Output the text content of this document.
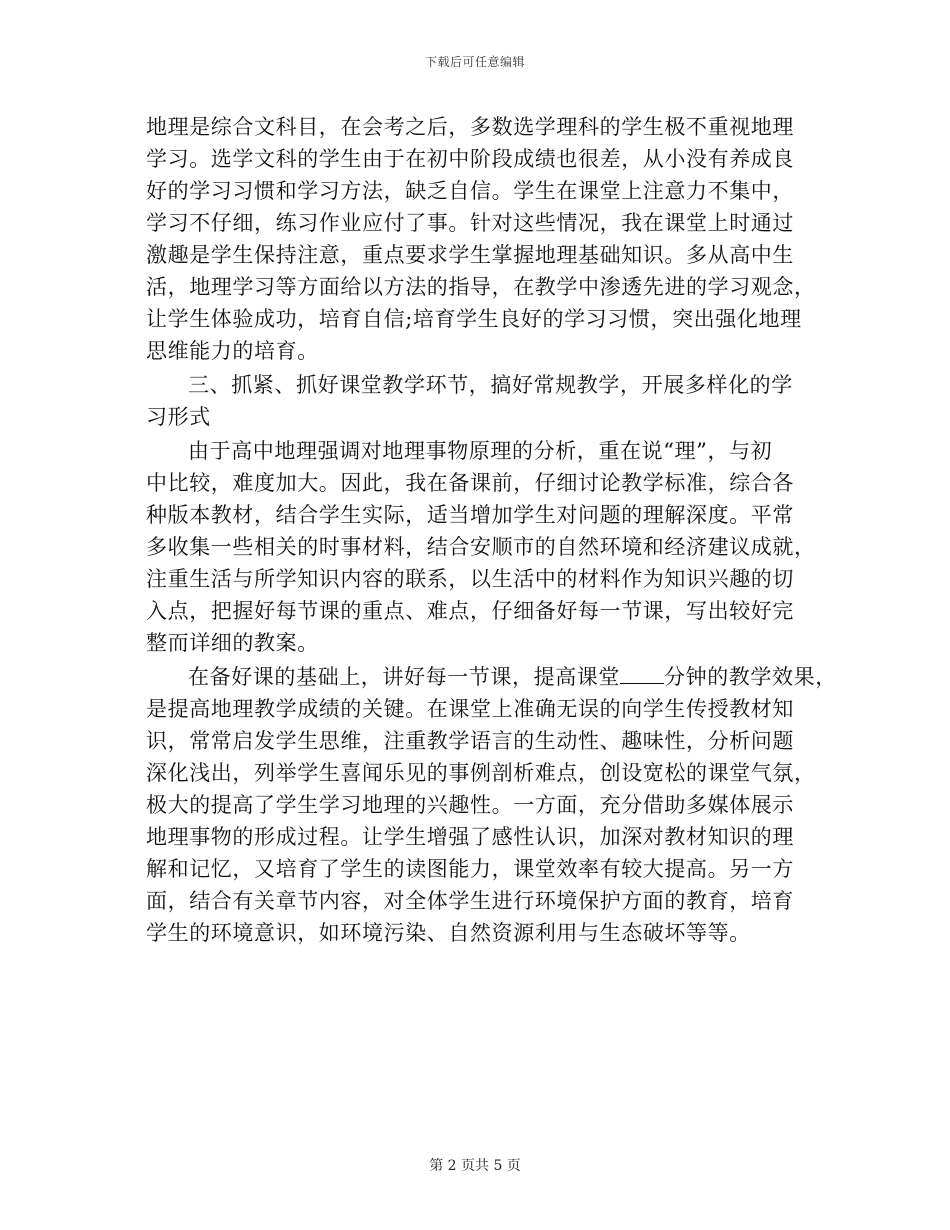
下载后可任意编辑
地理是综合文科目，在会考之后，多数选学理科的学生极不重视地理
学习。选学文科的学生由于在初中阶段成绩也很差，从小没有养成良
好的学习习惯和学习方法，缺乏自信。学生在课堂上注意力不集中，
学习不仔细，练习作业应付了事。针对这些情况，我在课堂上时通过
激趣是学生保持注意，重点要求学生掌握地理基础知识。多从高中生
活，地理学习等方面给以方法的指导，在教学中渗透先进的学习观念，
让学生体验成功，培育自信;培育学生良好的学习习惯，突出强化地理
思维能力的培育。
三、抓紧、抓好课堂教学环节，搞好常规教学，开展多样化的学
习形式
由于高中地理强调对地理事物原理的分析，重在说“理”，与初
中比较，难度加大。因此，我在备课前，仔细讨论教学标准，综合各
种版本教材，结合学生实际，适当增加学生对问题的理解深度。平常
多收集一些相关的时事材料，结合安顺市的自然环境和经济建议成就，
注重生活与所学知识内容的联系，以生活中的材料作为知识兴趣的切
入点，把握好每节课的重点、难点，仔细备好每一节课，写出较好完
整而详细的教案。
在备好课的基础上，讲好每一节课，提高课堂 分钟的教学效果，
是提高地理教学成绩的关键。在课堂上准确无误的向学生传授教材知
识，常常启发学生思维，注重教学语言的生动性、趣味性，分析问题
深化浅出，列举学生喜闻乐见的事例剖析难点，创设宽松的课堂气氛，
极大的提高了学生学习地理的兴趣性。一方面，充分借助多媒体展示
地理事物的形成过程。让学生增强了感性认识，加深对教材知识的理
解和记忆，又培育了学生的读图能力，课堂效率有较大提高。另一方
面，结合有关章节内容，对全体学生进行环境保护方面的教育，培育
学生的环境意识，如环境污染、自然资源利用与生态破坏等等。
第 2 页共 5 页
